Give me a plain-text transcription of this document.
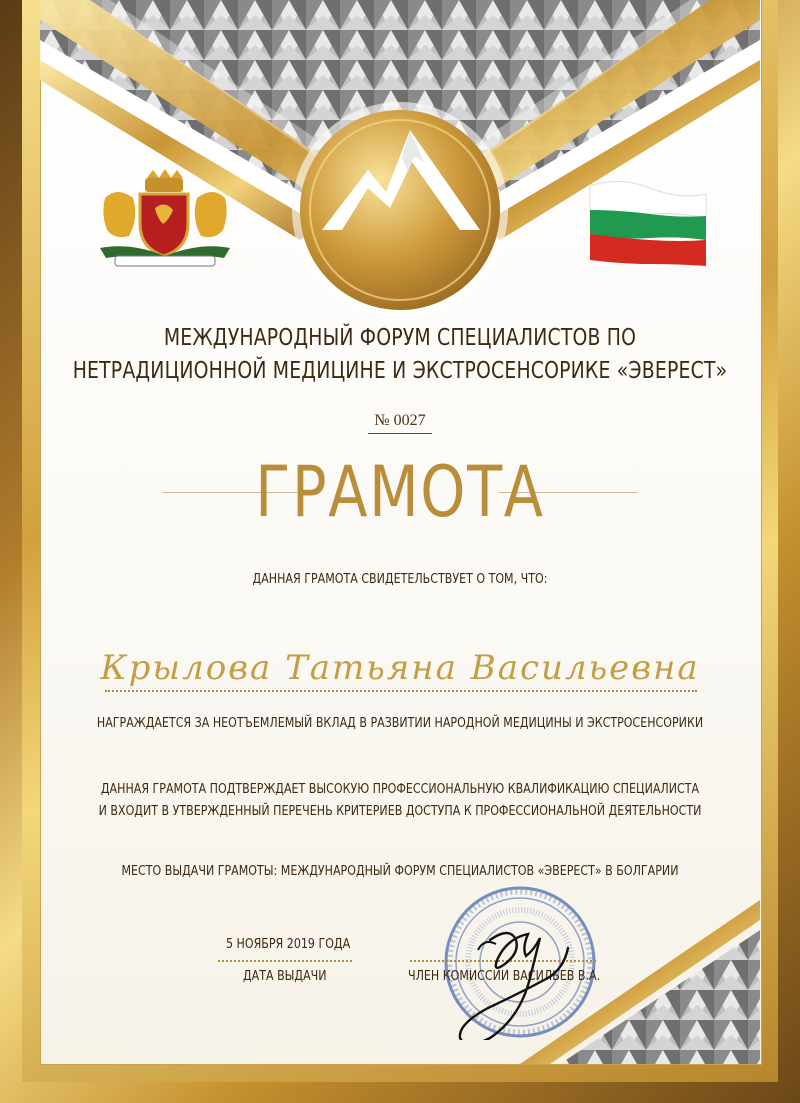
МЕЖДУНАРОДНЫЙ ФОРУМ СПЕЦИАЛИСТОВ ПО
НЕТРАДИЦИОННОЙ МЕДИЦИНЕ И ЭКСТРОСЕНСОРИКЕ «ЭВЕРЕСТ»
№ 0027
ГРАМОТА
ДАННАЯ ГРАМОТА СВИДЕТЕЛЬСТВУЕТ О ТОМ, ЧТО:
Крылова Татьяна Васильевна
НАГРАЖДАЕТСЯ ЗА НЕОТЪЕМЛЕМЫЙ ВКЛАД В РАЗВИТИИ НАРОДНОЙ МЕДИЦИНЫ И ЭКСТРОСЕНСОРИКИ
ДАННАЯ ГРАМОТА ПОДТВЕРЖДАЕТ ВЫСОКУЮ ПРОФЕССИОНАЛЬНУЮ КВАЛИФИКАЦИЮ СПЕЦИАЛИСТА
И ВХОДИТ В УТВЕРЖДЕННЫЙ ПЕРЕЧЕНЬ КРИТЕРИЕВ ДОСТУПА К ПРОФЕССИОНАЛЬНОЙ ДЕЯТЕЛЬНОСТИ
МЕСТО ВЫДАЧИ ГРАМОТЫ: МЕЖДУНАРОДНЫЙ ФОРУМ СПЕЦИАЛИСТОВ «ЭВЕРЕСТ» В БОЛГАРИИ
5 НОЯБРЯ 2019 ГОДА
ДАТА ВЫДАЧИ	ЧЛЕН КОМИССИИ ВАСИЛЬЕВ В.А.
